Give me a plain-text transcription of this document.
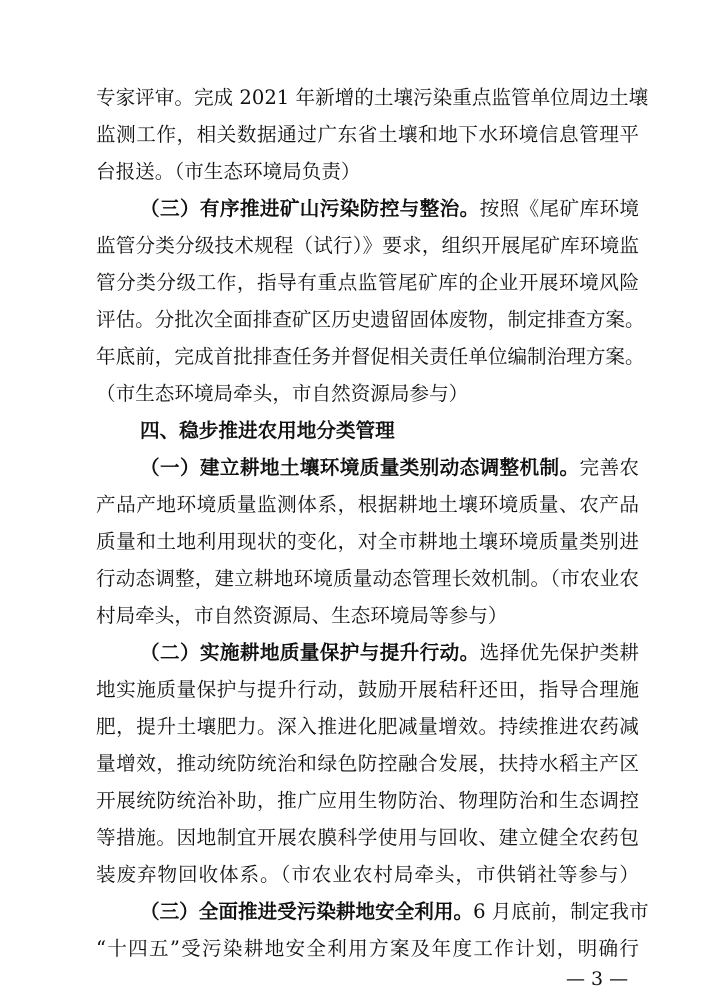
专家评审。完成 2021 年新增的土壤污染重点监管单位周边土壤
监测工作，相关数据通过广东省土壤和地下水环境信息管理平
台报送。（市生态环境局负责）
（三）有序推进矿山污染防控与整治。按照《尾矿库环境
监管分类分级技术规程（试行）》要求，组织开展尾矿库环境监
管分类分级工作，指导有重点监管尾矿库的企业开展环境风险
评估。分批次全面排查矿区历史遗留固体废物，制定排查方案。
年底前，完成首批排查任务并督促相关责任单位编制治理方案。
（市生态环境局牵头，市自然资源局参与）
四、稳步推进农用地分类管理
（一）建立耕地土壤环境质量类别动态调整机制。完善农
产品产地环境质量监测体系，根据耕地土壤环境质量、农产品
质量和土地利用现状的变化，对全市耕地土壤环境质量类别进
行动态调整，建立耕地环境质量动态管理长效机制。（市农业农
村局牵头，市自然资源局、生态环境局等参与）
（二）实施耕地质量保护与提升行动。选择优先保护类耕
地实施质量保护与提升行动，鼓励开展秸秆还田，指导合理施
肥，提升土壤肥力。深入推进化肥减量增效。持续推进农药减
量增效，推动统防统治和绿色防控融合发展，扶持水稻主产区
开展统防统治补助，推广应用生物防治、物理防治和生态调控
等措施。因地制宜开展农膜科学使用与回收、建立健全农药包
装废弃物回收体系。（市农业农村局牵头，市供销社等参与）
（三）全面推进受污染耕地安全利用。6 月底前，制定我市
“十四五”受污染耕地安全利用方案及年度工作计划，明确行
— 3 —
